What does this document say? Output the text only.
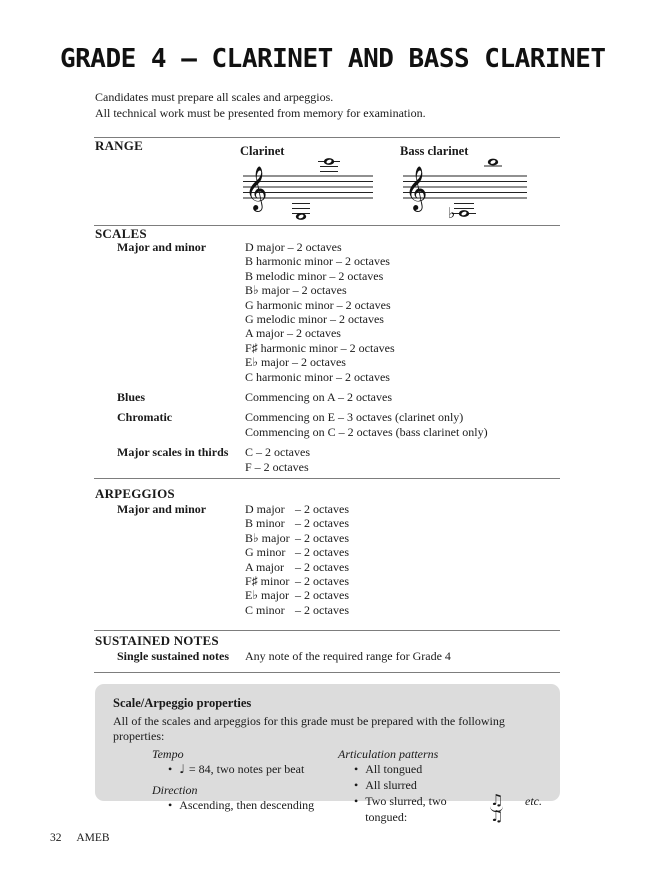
GRADE 4 – CLARINET AND BASS CLARINET
Candidates must prepare all scales and arpeggios.
All technical work must be presented from memory for examination.
RANGE	Clarinet	Bass clarinet
𝄞	𝄞
♭
SCALES
Major and minor	D major – 2 octaves
B harmonic minor – 2 octaves
B melodic minor – 2 octaves
B♭ major – 2 octaves
G harmonic minor – 2 octaves
G melodic minor – 2 octaves
A major – 2 octaves
F♯ harmonic minor – 2 octaves
E♭ major – 2 octaves
C harmonic minor – 2 octaves
Blues	Commencing on A – 2 octaves
Chromatic	Commencing on E – 3 octaves (clarinet only)
Commencing on C – 2 octaves (bass clarinet only)
Major scales in thirds	C – 2 octaves
F – 2 octaves
ARPEGGIOS
Major and minor	D major – 2 octaves
B minor – 2 octaves
B♭ major – 2 octaves
G minor – 2 octaves
A major – 2 octaves
F♯ minor – 2 octaves
E♭ major – 2 octaves
C minor – 2 octaves
SUSTAINED NOTES
Single sustained notes	Any note of the required range for Grade 4
Scale/Arpeggio properties
All of the scales and arpeggios for this grade must be prepared with the following properties:
Tempo
• ♩ = 84, two notes per beat
Direction
• Ascending, then descending
Articulation patterns
• All tongued
• All slurred
• Two slurred, two tongued:
♫♫
etc.
32 AMEB
